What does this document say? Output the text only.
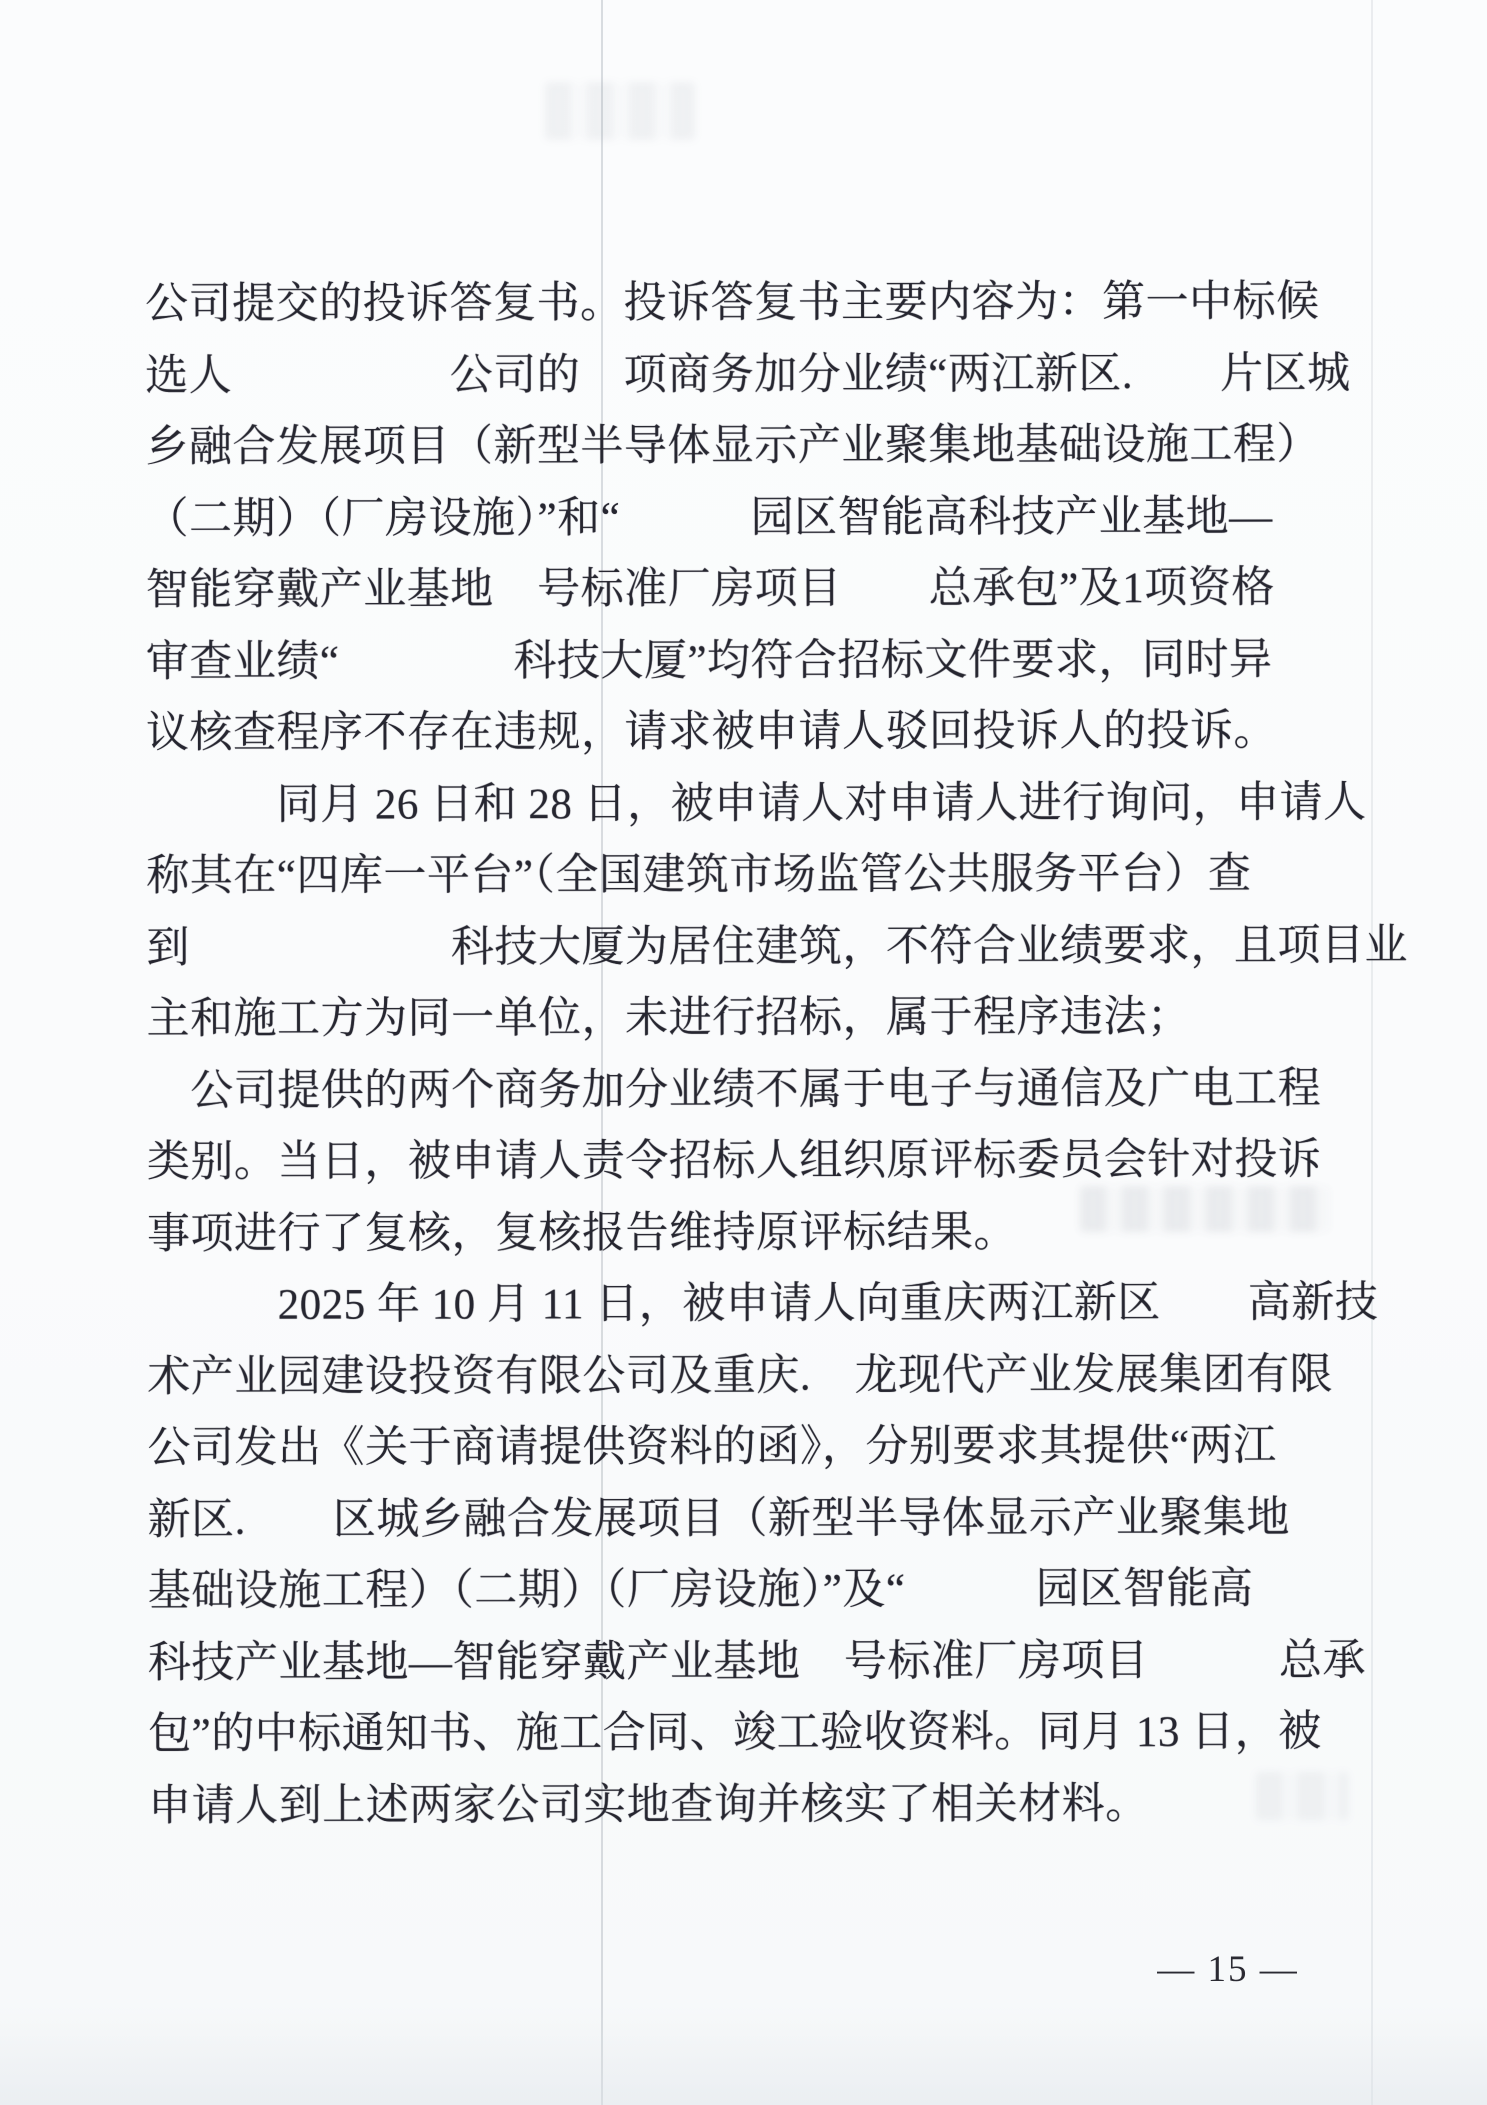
公司提交的投诉答复书。投诉答复书主要内容为：第一中标候
选人　　　　　公司的　项商务加分业绩“两江新区.　　片区城
乡融合发展项目（新型半导体显示产业聚集地基础设施工程）
（二期）（厂房设施）”和“　　　园区智能高科技产业基地—
智能穿戴产业基地　号标准厂房项目　　总承包”及1项资格
审查业绩“　　　　科技大厦”均符合招标文件要求，同时异
议核查程序不存在违规，请求被申请人驳回投诉人的投诉。
　　　同月 26 日和 28 日，被申请人对申请人进行询问，申请人
称其在“四库一平台”（全国建筑市场监管公共服务平台）查
到　　　　　　科技大厦为居住建筑，不符合业绩要求，且项目业
主和施工方为同一单位，未进行招标，属于程序违法；
　公司提供的两个商务加分业绩不属于电子与通信及广电工程
类别。当日，被申请人责令招标人组织原评标委员会针对投诉
事项进行了复核，复核报告维持原评标结果。
　　　2025 年 10 月 11 日，被申请人向重庆两江新区　　高新技
术产业园建设投资有限公司及重庆.　龙现代产业发展集团有限
公司发出《关于商请提供资料的函》，分别要求其提供“两江
新区.　　区城乡融合发展项目（新型半导体显示产业聚集地
基础设施工程）（二期）（厂房设施）”及“　　　园区智能高
科技产业基地—智能穿戴产业基地　号标准厂房项目　　　总承
包”的中标通知书、施工合同、竣工验收资料。同月 13 日，被
申请人到上述两家公司实地查询并核实了相关材料。
— 15 —
